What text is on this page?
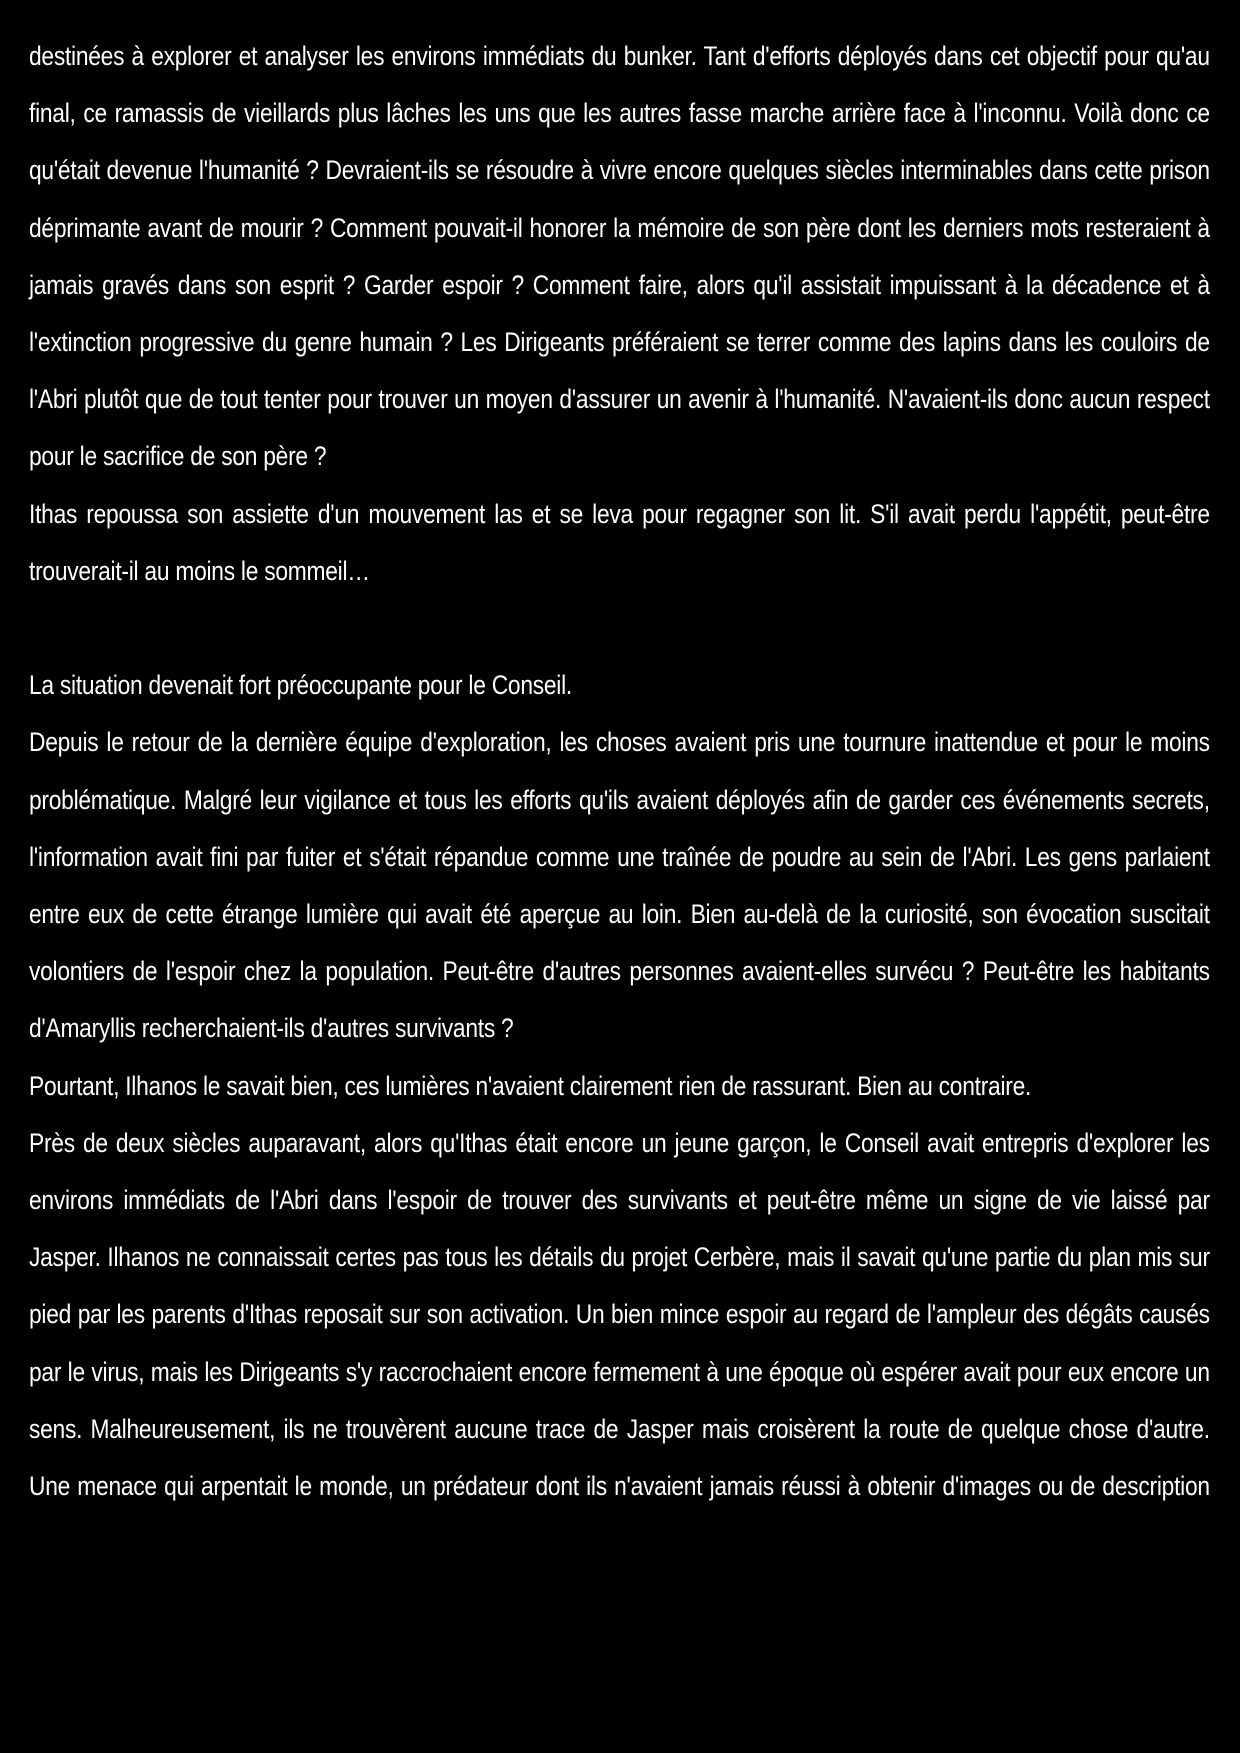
destinées à explorer et analyser les environs immédiats du bunker. Tant d'efforts déployés dans cet objectif pour qu'au final, ce ramassis de vieillards plus lâches les uns que les autres fasse marche arrière face à l'inconnu. Voilà donc ce qu'était devenue l'humanité ? Devraient-ils se résoudre à vivre encore quelques siècles interminables dans cette prison déprimante avant de mourir ? Comment pouvait-il honorer la mémoire de son père dont les derniers mots resteraient à jamais gravés dans son esprit ? Garder espoir ? Comment faire, alors qu'il assistait impuissant à la décadence et à l'extinction progressive du genre humain ? Les Dirigeants préféraient se terrer comme des lapins dans les couloirs de l'Abri plutôt que de tout tenter pour trouver un moyen d'assurer un avenir à l'humanité. N'avaient-ils donc aucun respect pour le sacrifice de son père ?

Ithas repoussa son assiette d'un mouvement las et se leva pour regagner son lit. S'il avait perdu l'appétit, peut-être trouverait-il au moins le sommeil…

La situation devenait fort préoccupante pour le Conseil.

Depuis le retour de la dernière équipe d'exploration, les choses avaient pris une tournure inattendue et pour le moins problématique. Malgré leur vigilance et tous les efforts qu'ils avaient déployés afin de garder ces événements secrets, l'information avait fini par fuiter et s'était répandue comme une traînée de poudre au sein de l'Abri. Les gens parlaient entre eux de cette étrange lumière qui avait été aperçue au loin. Bien au-delà de la curiosité, son évocation suscitait volontiers de l'espoir chez la population. Peut-être d'autres personnes avaient-elles survécu ? Peut-être les habitants d'Amaryllis recherchaient-ils d'autres survivants ?

Pourtant, Ilhanos le savait bien, ces lumières n'avaient clairement rien de rassurant. Bien au contraire.

Près de deux siècles auparavant, alors qu'Ithas était encore un jeune garçon, le Conseil avait entrepris d'explorer les environs immédiats de l'Abri dans l'espoir de trouver des survivants et peut-être même un signe de vie laissé par Jasper. Ilhanos ne connaissait certes pas tous les détails du projet Cerbère, mais il savait qu'une partie du plan mis sur pied par les parents d'Ithas reposait sur son activation. Un bien mince espoir au regard de l'ampleur des dégâts causés par le virus, mais les Dirigeants s'y raccrochaient encore fermement à une époque où espérer avait pour eux encore un sens. Malheureusement, ils ne trouvèrent aucune trace de Jasper mais croisèrent la route de quelque chose d'autre. Une menace qui arpentait le monde, un prédateur dont ils n'avaient jamais réussi à obtenir d'images ou de description
